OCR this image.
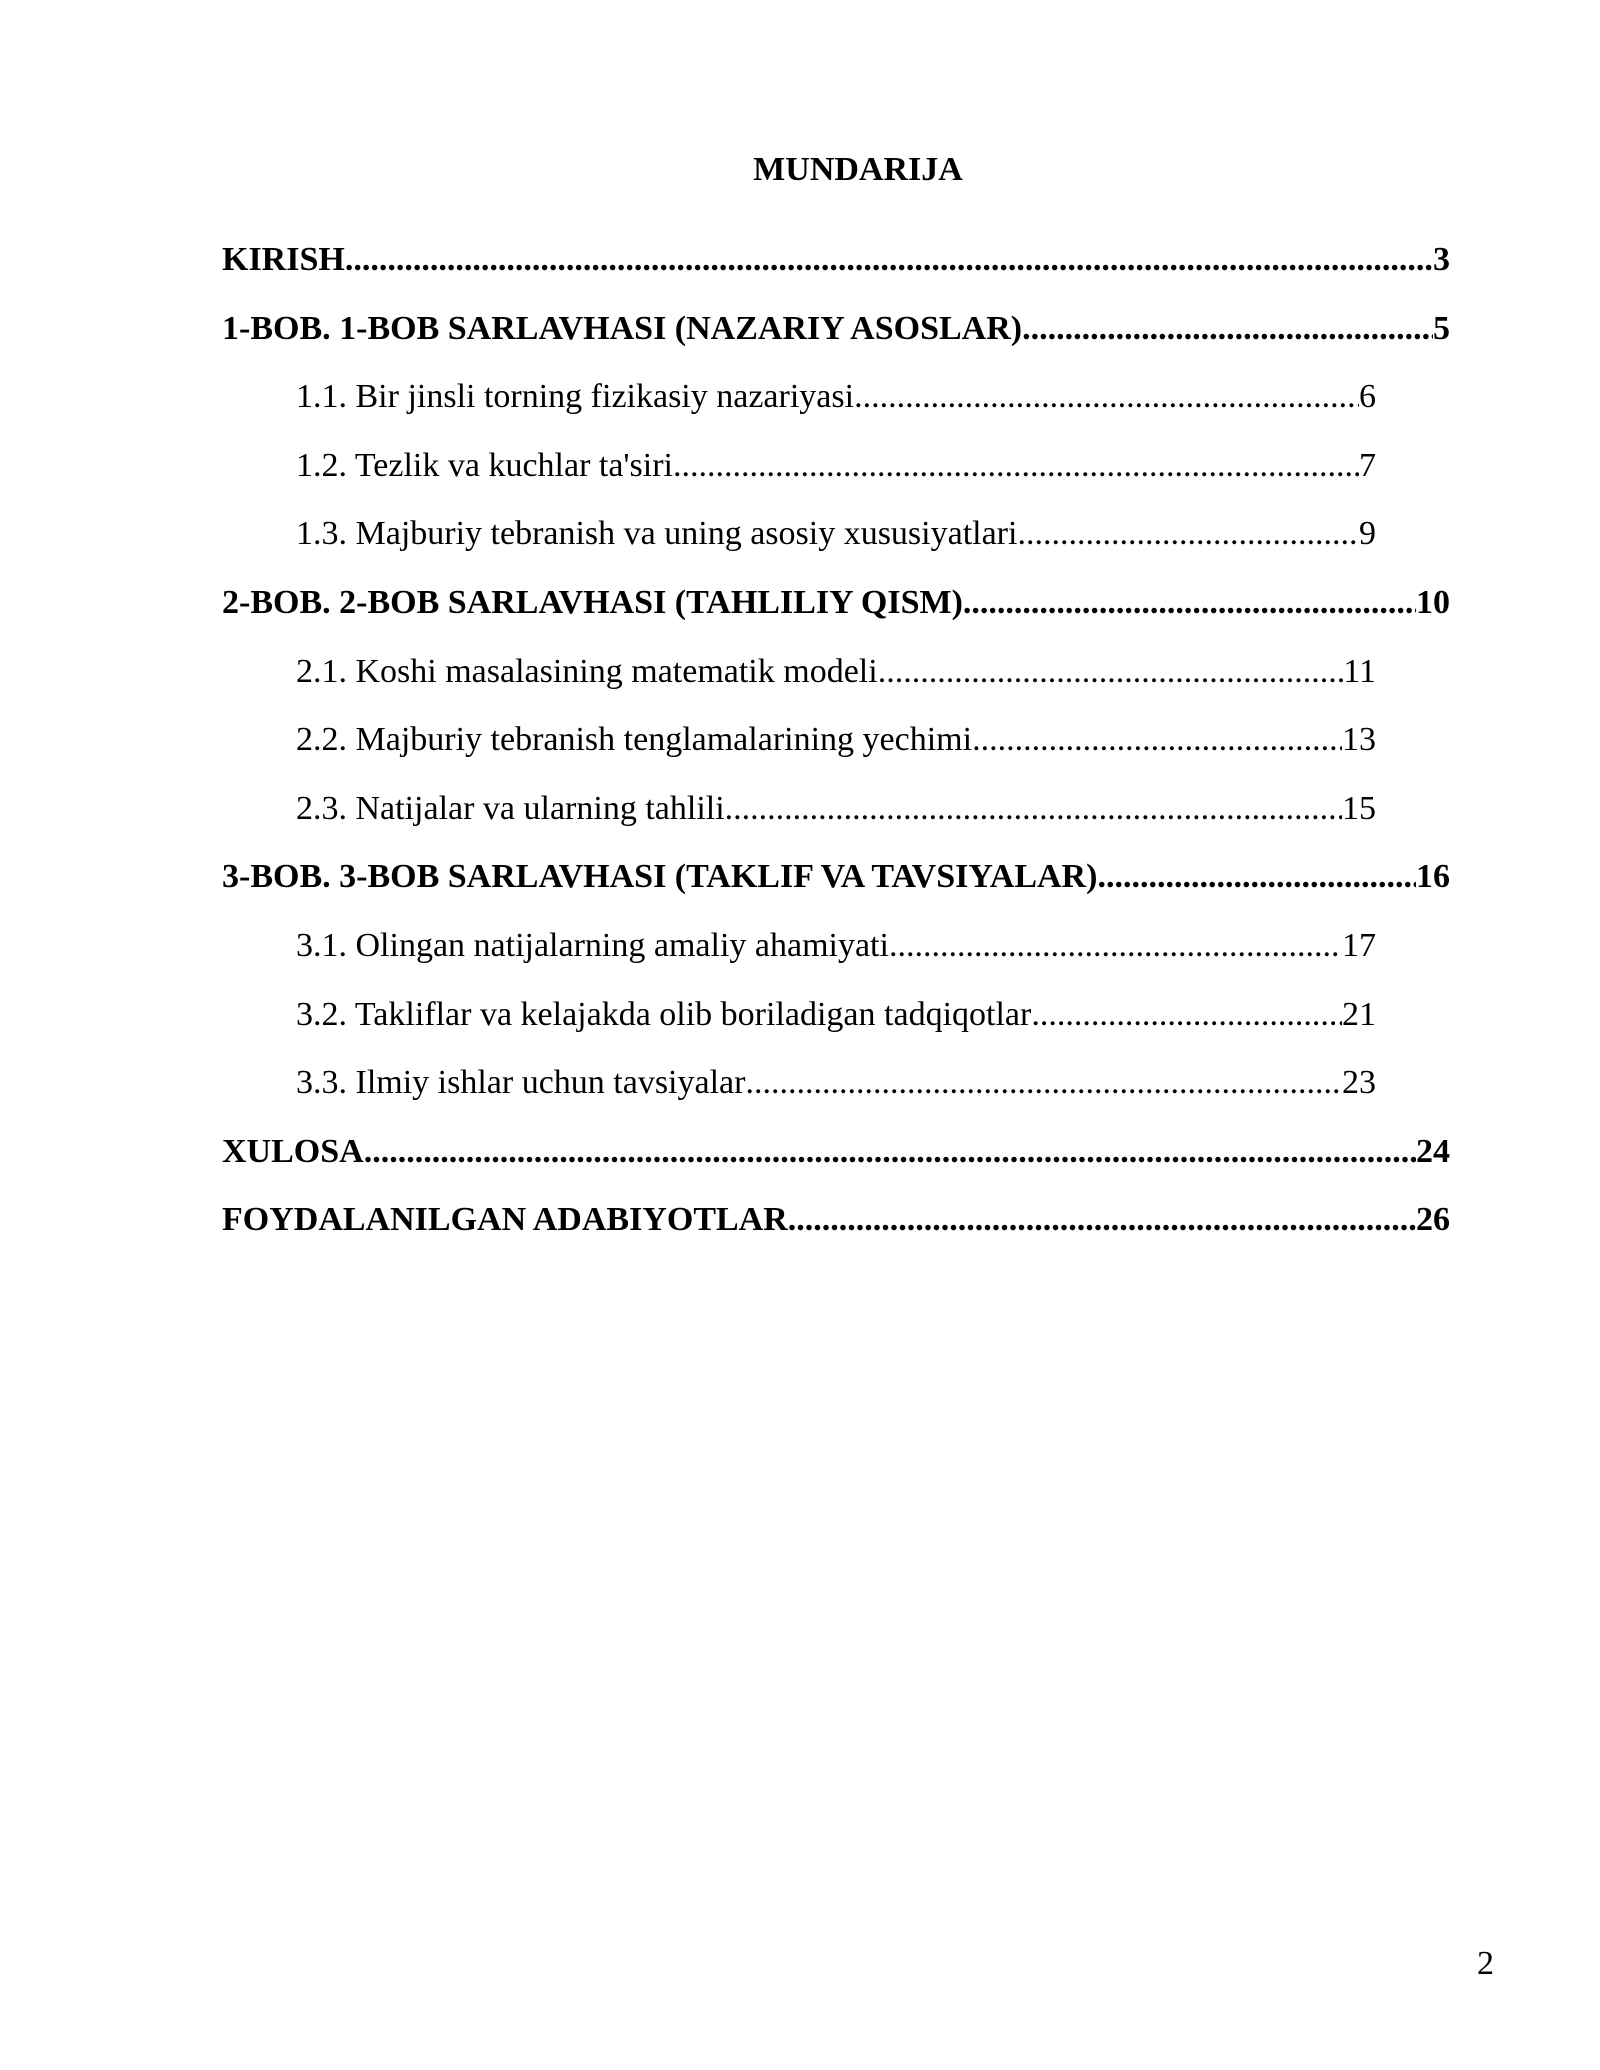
MUNDARIJA
KIRISH .....	3
1-BOB. 1-BOB SARLAVHASI (NAZARIY ASOSLAR) .....	5
1.1. Bir jinsli torning fizikasiy nazariyasi .....	6
1.2. Tezlik va kuchlar ta'siri .....	7
1.3. Majburiy tebranish va uning asosiy xususiyatlari .....	9
2-BOB. 2-BOB SARLAVHASI (TAHLILIY QISM) .....	10
2.1. Koshi masalasining matematik modeli .....	11
2.2. Majburiy tebranish tenglamalarining yechimi .....	13
2.3. Natijalar va ularning tahlili .....	15
3-BOB. 3-BOB SARLAVHASI (TAKLIF VA TAVSIYALAR) .....	16
3.1. Olingan natijalarning amaliy ahamiyati .....	17
3.2. Takliflar va kelajakda olib boriladigan tadqiqotlar .....	21
3.3. Ilmiy ishlar uchun tavsiyalar .....	23
XULOSA .....	24
FOYDALANILGAN ADABIYOTLAR .....	26
2
